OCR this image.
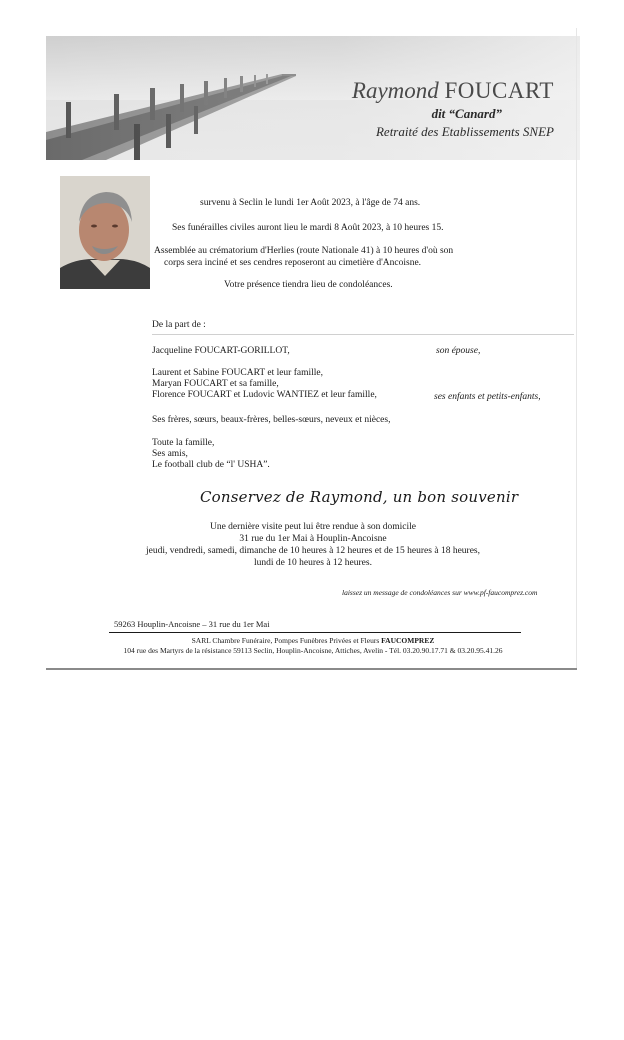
Raymond FOUCART
dit “Canard”
Retraité des Etablissements SNEP
survenu à Seclin le lundi 1er Août 2023, à l'âge de 74 ans.
Ses funérailles civiles auront lieu le mardi 8 Août 2023, à 10 heures 15.
Assemblée au crématorium d'Herlies (route Nationale 41) à 10 heures d'où son
corps sera inciné et ses cendres reposeront au cimetière d'Ancoisne.
Votre présence tiendra lieu de condoléances.
De la part de :
Jacqueline FOUCART-GORILLOT,	son épouse,
Laurent et Sabine FOUCART et leur famille,
Maryan FOUCART et sa famille,
Florence FOUCART et Ludovic WANTIEZ et leur famille,	ses enfants et petits-enfants,
Ses frères, sœurs, beaux-frères, belles-sœurs, neveux et nièces,
Toute la famille,
Ses amis,
Le football club de “l' USHA”.
Conservez de Raymond, un bon souvenir
Une dernière visite peut lui être rendue à son domicile
31 rue du 1er Mai à Houplin-Ancoisne
jeudi, vendredi, samedi, dimanche de 10 heures à 12 heures et de 15 heures à 18 heures,
lundi de 10 heures à 12 heures.
laissez un message de condoléances sur www.pf-faucomprez.com
59263 Houplin-Ancoisne – 31 rue du 1er Mai
SARL Chambre Funéraire, Pompes Funèbres Privées et Fleurs FAUCOMPREZ
104 rue des Martyrs de la résistance 59113 Seclin, Houplin-Ancoisne, Attiches, Avelin - Tél. 03.20.90.17.71 & 03.20.95.41.26
